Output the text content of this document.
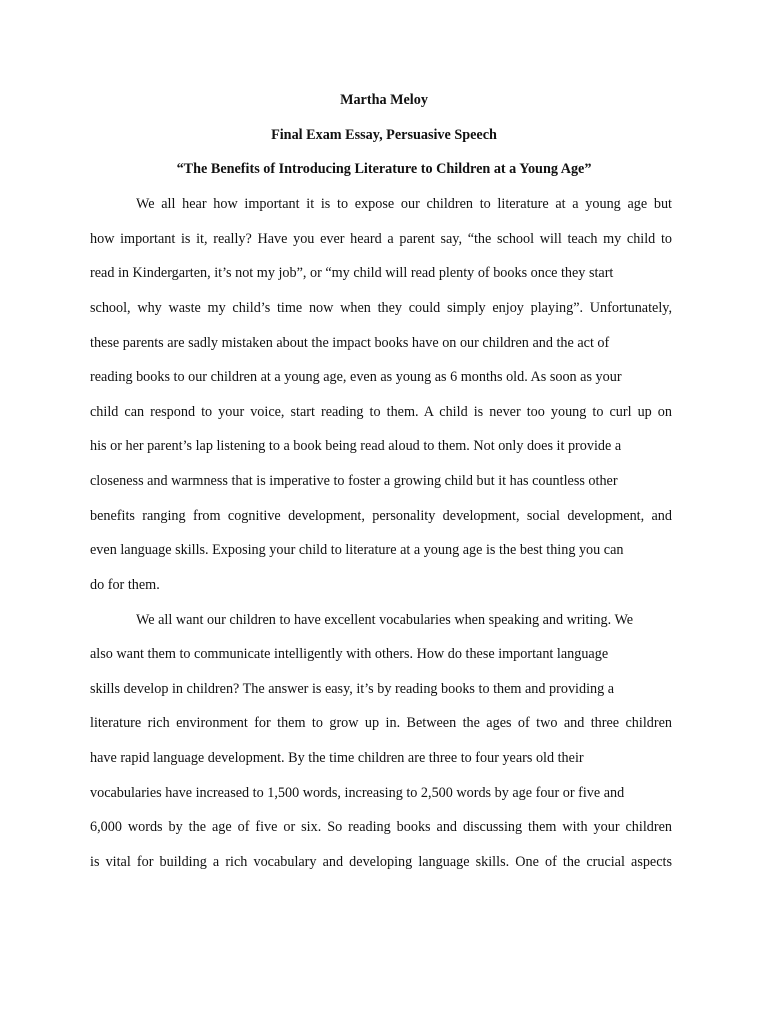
Martha Meloy
Final Exam Essay, Persuasive Speech
“The Benefits of Introducing Literature to Children at a Young Age”
We all hear how important it is to expose our children to literature at a young age but
how important is it, really? Have you ever heard a parent say, “the school will teach my child to
read in Kindergarten, it’s not my job”, or “my child will read plenty of books once they start
school, why waste my child’s time now when they could simply enjoy playing”. Unfortunately,
these parents are sadly mistaken about the impact books have on our children and the act of
reading books to our children at a young age, even as young as 6 months old. As soon as your
child can respond to your voice, start reading to them. A child is never too young to curl up on
his or her parent’s lap listening to a book being read aloud to them. Not only does it provide a
closeness and warmness that is imperative to foster a growing child but it has countless other
benefits ranging from cognitive development, personality development, social development, and
even language skills. Exposing your child to literature at a young age is the best thing you can
do for them.
We all want our children to have excellent vocabularies when speaking and writing. We
also want them to communicate intelligently with others. How do these important language
skills develop in children? The answer is easy, it’s by reading books to them and providing a
literature rich environment for them to grow up in. Between the ages of two and three children
have rapid language development. By the time children are three to four years old their
vocabularies have increased to 1,500 words, increasing to 2,500 words by age four or five and
6,000 words by the age of five or six. So reading books and discussing them with your children
is vital for building a rich vocabulary and developing language skills. One of the crucial aspects
